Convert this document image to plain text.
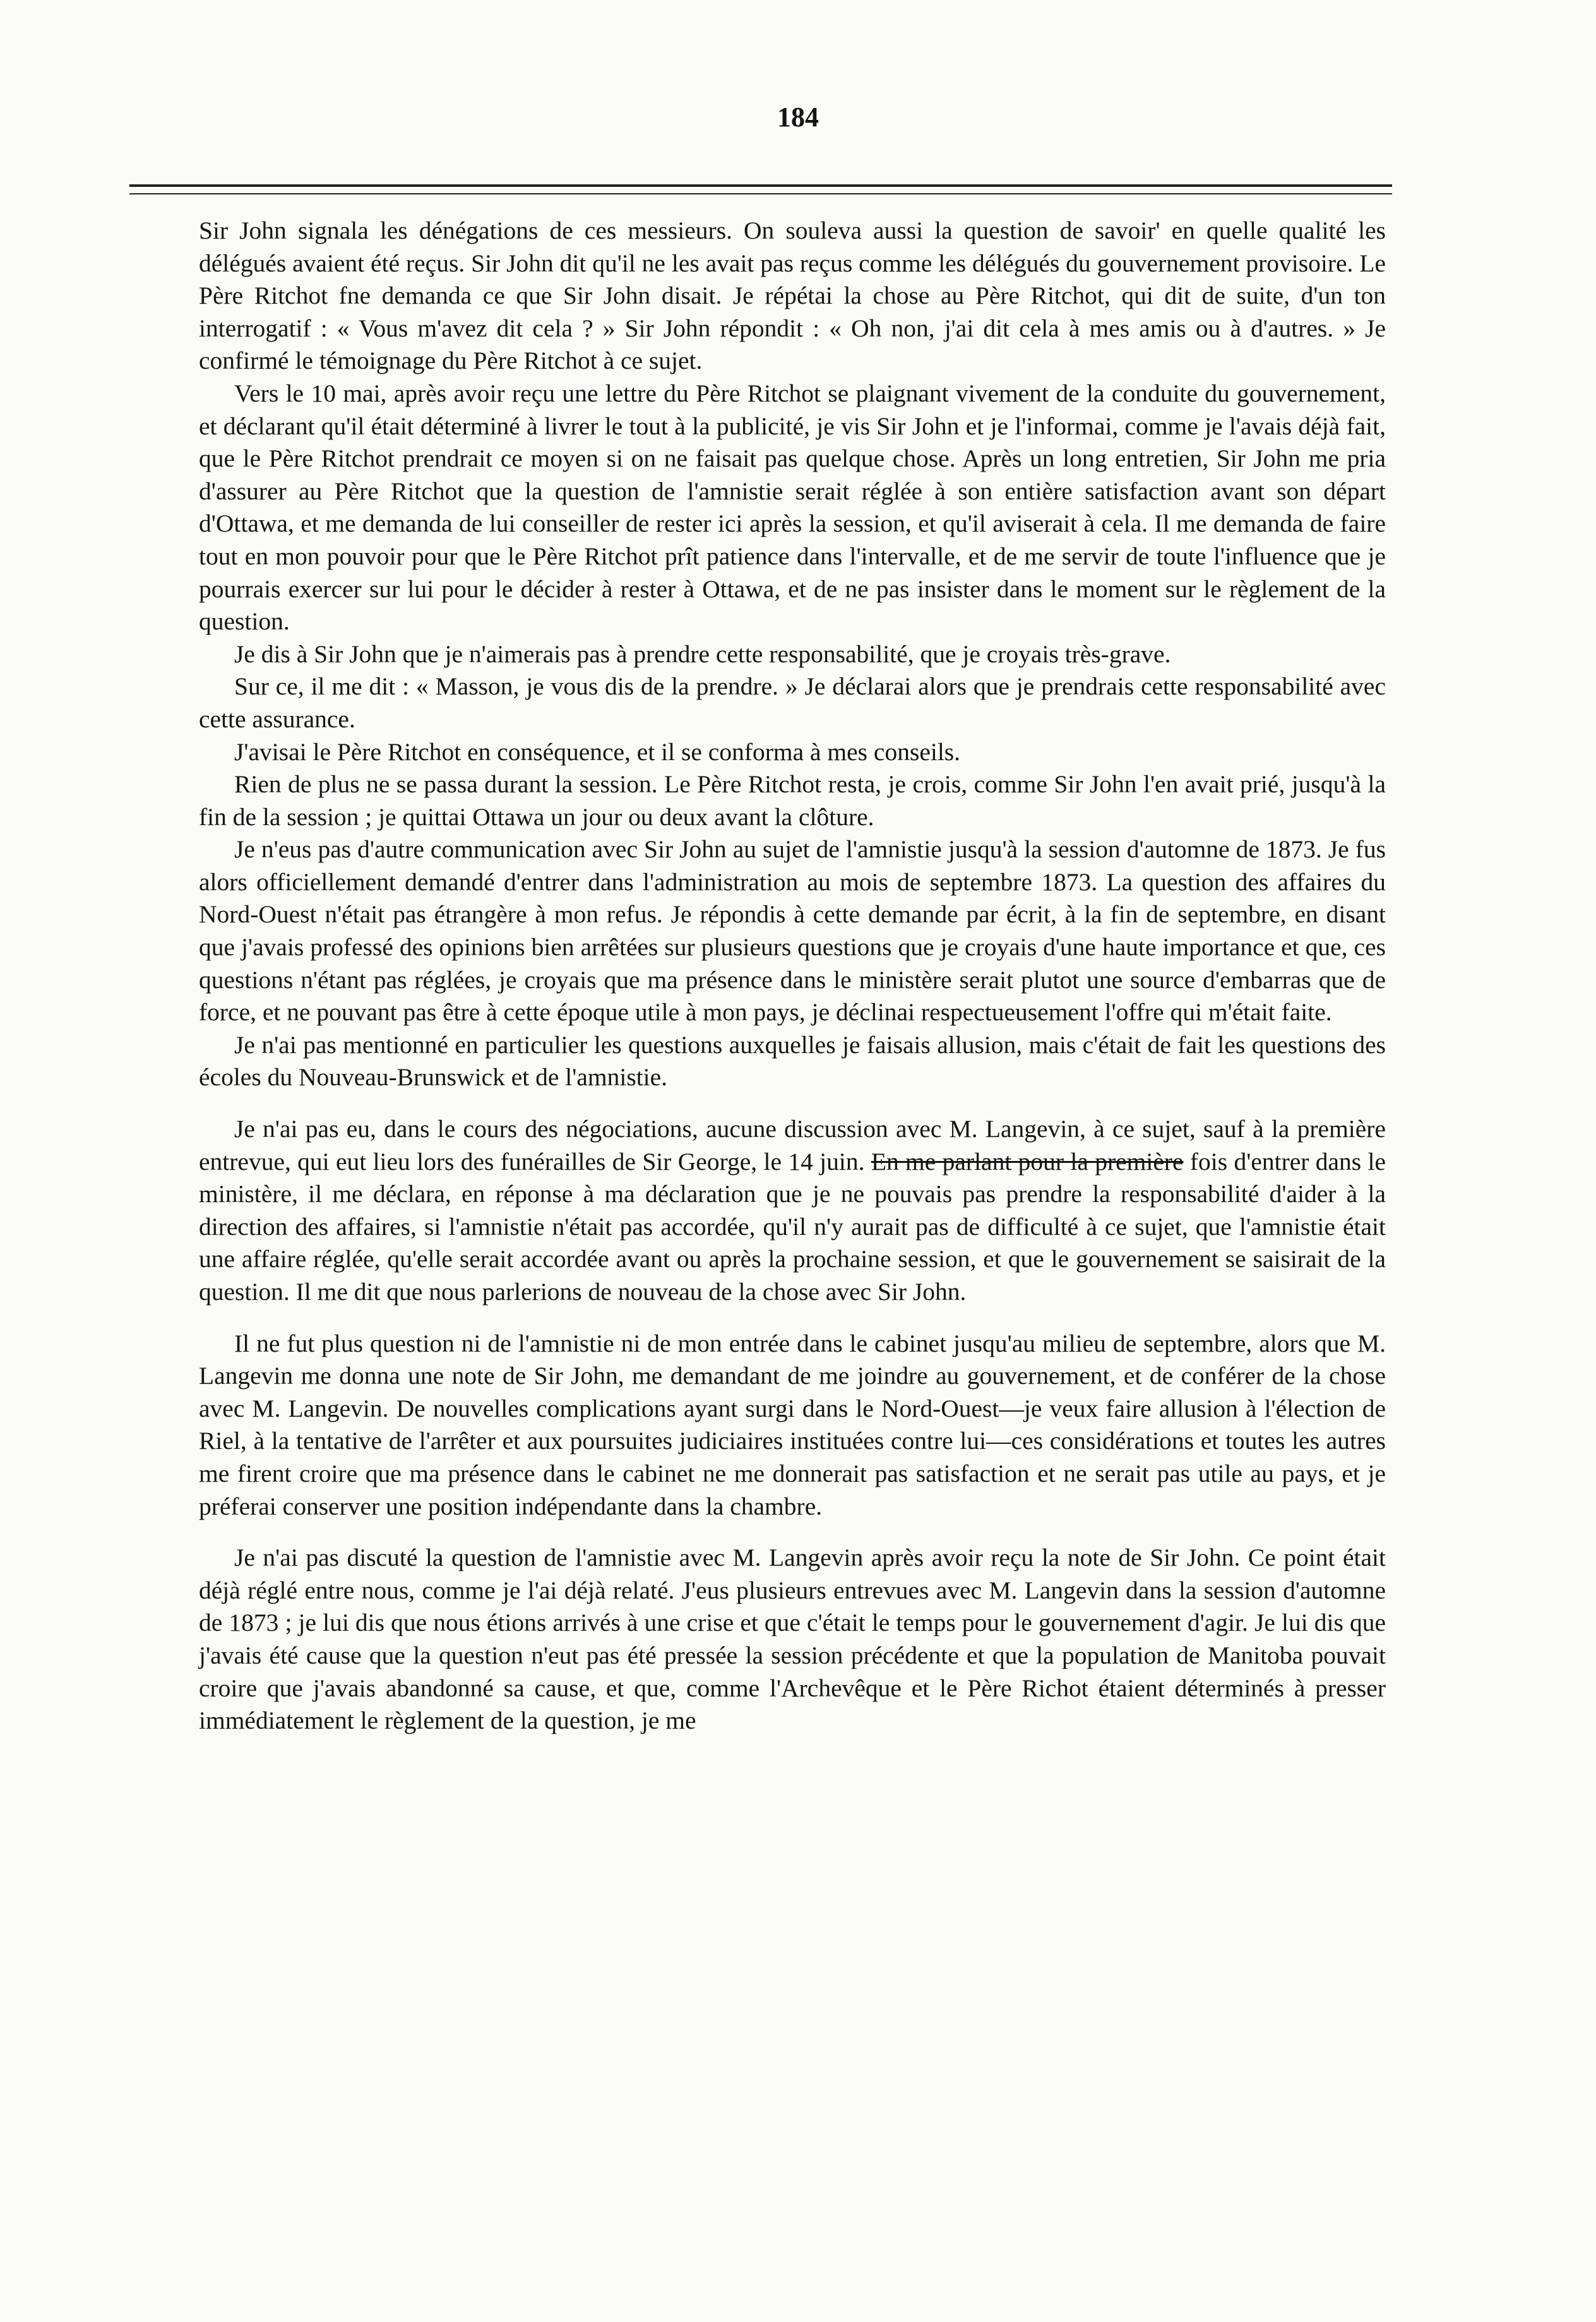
184

Sir John signala les dénégations de ces messieurs. On souleva aussi la question de savoir' en quelle qualité les délégués avaient été reçus. Sir John dit qu'il ne les avait pas reçus comme les délégués du gouvernement provisoire. Le Père Ritchot fne demanda ce que Sir John disait. Je répétai la chose au Père Ritchot, qui dit de suite, d'un ton interrogatif : « Vous m'avez dit cela ? » Sir John répondit : « Oh non, j'ai dit cela à mes amis ou à d'autres. » Je confirmé le témoignage du Père Ritchot à ce sujet.

Vers le 10 mai, après avoir reçu une lettre du Père Ritchot se plaignant vivement de la conduite du gouvernement, et déclarant qu'il était déterminé à livrer le tout à la publicité, je vis Sir John et je l'informai, comme je l'avais déjà fait, que le Père Ritchot prendrait ce moyen si on ne faisait pas quelque chose. Après un long entretien, Sir John me pria d'assurer au Père Ritchot que la question de l'amnistie serait réglée à son entière satisfaction avant son départ d'Ottawa, et me demanda de lui conseiller de rester ici après la session, et qu'il aviserait à cela. Il me demanda de faire tout en mon pouvoir pour que le Père Ritchot prît patience dans l'intervalle, et de me servir de toute l'influence que je pourrais exercer sur lui pour le décider à rester à Ottawa, et de ne pas insister dans le moment sur le règlement de la question.

Je dis à Sir John que je n'aimerais pas à prendre cette responsabilité, que je croyais très-grave.

Sur ce, il me dit : « Masson, je vous dis de la prendre. » Je déclarai alors que je prendrais cette responsabilité avec cette assurance.

J'avisai le Père Ritchot en conséquence, et il se conforma à mes conseils.

Rien de plus ne se passa durant la session. Le Père Ritchot resta, je crois, comme Sir John l'en avait prié, jusqu'à la fin de la session ; je quittai Ottawa un jour ou deux avant la clôture.

Je n'eus pas d'autre communication avec Sir John au sujet de l'amnistie jusqu'à la session d'automne de 1873. Je fus alors officiellement demandé d'entrer dans l'administration au mois de septembre 1873. La question des affaires du Nord-Ouest n'était pas étrangère à mon refus. Je répondis à cette demande par écrit, à la fin de septembre, en disant que j'avais professé des opinions bien arrêtées sur plusieurs questions que je croyais d'une haute importance et que, ces questions n'étant pas réglées, je croyais que ma présence dans le ministère serait plutot une source d'embarras que de force, et ne pouvant pas être à cette époque utile à mon pays, je déclinai respectueusement l'offre qui m'était faite.

Je n'ai pas mentionné en particulier les questions auxquelles je faisais allusion, mais c'était de fait les questions des écoles du Nouveau-Brunswick et de l'amnistie.

Je n'ai pas eu, dans le cours des négociations, aucune discussion avec M. Langevin, à ce sujet, sauf à la première entrevue, qui eut lieu lors des funérailles de Sir George, le 14 juin. En me parlant pour la première fois d'entrer dans le ministère, il me déclara, en réponse à ma déclaration que je ne pouvais pas prendre la responsabilité d'aider à la direction des affaires, si l'amnistie n'était pas accordée, qu'il n'y aurait pas de difficulté à ce sujet, que l'amnistie était une affaire réglée, qu'elle serait accordée avant ou après la prochaine session, et que le gouvernement se saisirait de la question. Il me dit que nous parlerions de nouveau de la chose avec Sir John.

Il ne fut plus question ni de l'amnistie ni de mon entrée dans le cabinet jusqu'au milieu de septembre, alors que M. Langevin me donna une note de Sir John, me demandant de me joindre au gouvernement, et de conférer de la chose avec M. Langevin. De nouvelles complications ayant surgi dans le Nord-Ouest—je veux faire allusion à l'élection de Riel, à la tentative de l'arrêter et aux poursuites judiciaires instituées contre lui—ces considérations et toutes les autres me firent croire que ma présence dans le cabinet ne me donnerait pas satisfaction et ne serait pas utile au pays, et je préferai conserver une position indépendante dans la chambre.

Je n'ai pas discuté la question de l'amnistie avec M. Langevin après avoir reçu la note de Sir John. Ce point était déjà réglé entre nous, comme je l'ai déjà relaté. J'eus plusieurs entrevues avec M. Langevin dans la session d'automne de 1873 ; je lui dis que nous étions arrivés à une crise et que c'était le temps pour le gouvernement d'agir. Je lui dis que j'avais été cause que la question n'eut pas été pressée la session précédente et que la population de Manitoba pouvait croire que j'avais abandonné sa cause, et que, comme l'Archevêque et le Père Richot étaient déterminés à presser immédiatement le règlement de la question, je me
